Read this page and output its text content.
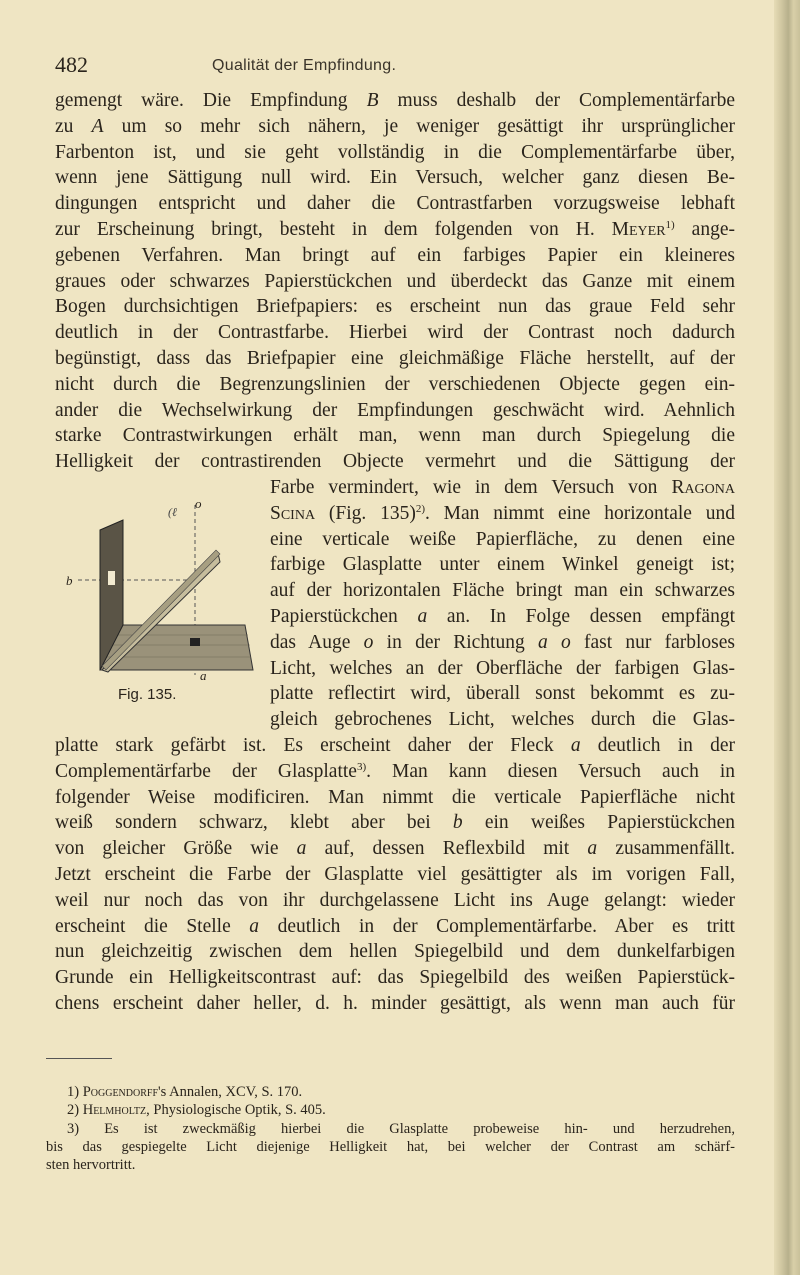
482	Qualität der Empfindung.
gemengt wäre. Die Empfindung B muss deshalb der Complementärfarbe
zu A um so mehr sich nähern, je weniger gesättigt ihr ursprünglicher
Farbenton ist, und sie geht vollständig in die Complementärfarbe über,
wenn jene Sättigung null wird. Ein Versuch, welcher ganz diesen Be-
dingungen entspricht und daher die Contrastfarben vorzugsweise lebhaft
zur Erscheinung bringt, besteht in dem folgenden von H. Meyer$^{1)}$ ange-
gebenen Verfahren. Man bringt auf ein farbiges Papier ein kleineres
graues oder schwarzes Papierstückchen und überdeckt das Ganze mit einem
Bogen durchsichtigen Briefpapiers: es erscheint nun das graue Feld sehr
deutlich in der Contrastfarbe. Hierbei wird der Contrast noch dadurch
begünstigt, dass das Briefpapier eine gleichmäßige Fläche herstellt, auf der
nicht durch die Begrenzungslinien der verschiedenen Objecte gegen ein-
ander die Wechselwirkung der Empfindungen geschwächt wird. Aehnlich
starke Contrastwirkungen erhält man, wenn man durch Spiegelung die
Helligkeit der contrastirenden Objecte vermehrt und die Sättigung der
Farbe vermindert, wie in dem Versuch von Ragona
Scina (Fig. 135)$^{2)}$. Man nimmt eine horizontale und
eine verticale weiße Papierfläche, zu denen eine
farbige Glasplatte unter einem Winkel geneigt ist;
auf der horizontalen Fläche bringt man ein schwarzes
Papierstückchen a an. In Folge dessen empfängt
das Auge o in der Richtung a o fast nur farbloses
Licht, welches an der Oberfläche der farbigen Glas-
platte reflectirt wird, überall sonst bekommt es zu-
gleich gebrochenes Licht, welches durch die Glas-
platte stark gefärbt ist. Es erscheint daher der Fleck a deutlich in der
Complementärfarbe der Glasplatte$^{3)}$. Man kann diesen Versuch auch in
folgender Weise modificiren. Man nimmt die verticale Papierfläche nicht
weiß sondern schwarz, klebt aber bei b ein weißes Papierstückchen
von gleicher Größe wie a auf, dessen Reflexbild mit a zusammenfällt.
Jetzt erscheint die Farbe der Glasplatte viel gesättigter als im vorigen Fall,
weil nur noch das von ihr durchgelassene Licht ins Auge gelangt: wieder
erscheint die Stelle a deutlich in der Complementärfarbe. Aber es tritt
nun gleichzeitig zwischen dem hellen Spiegelbild und dem dunkelfarbigen
Grunde ein Helligkeitscontrast auf: das Spiegelbild des weißen Papierstück-
chens erscheint daher heller, d. h. minder gesättigt, als wenn man auch für
(ℓ
o
b
a
Fig. 135.
1) Poggendorff's Annalen, XCV, S. 170.
2) Helmholtz, Physiologische Optik, S. 405.
3) Es ist zweckmäßig hierbei die Glasplatte probeweise hin- und herzudrehen,
bis das gespiegelte Licht diejenige Helligkeit hat, bei welcher der Contrast am schärf-
sten hervortritt.
